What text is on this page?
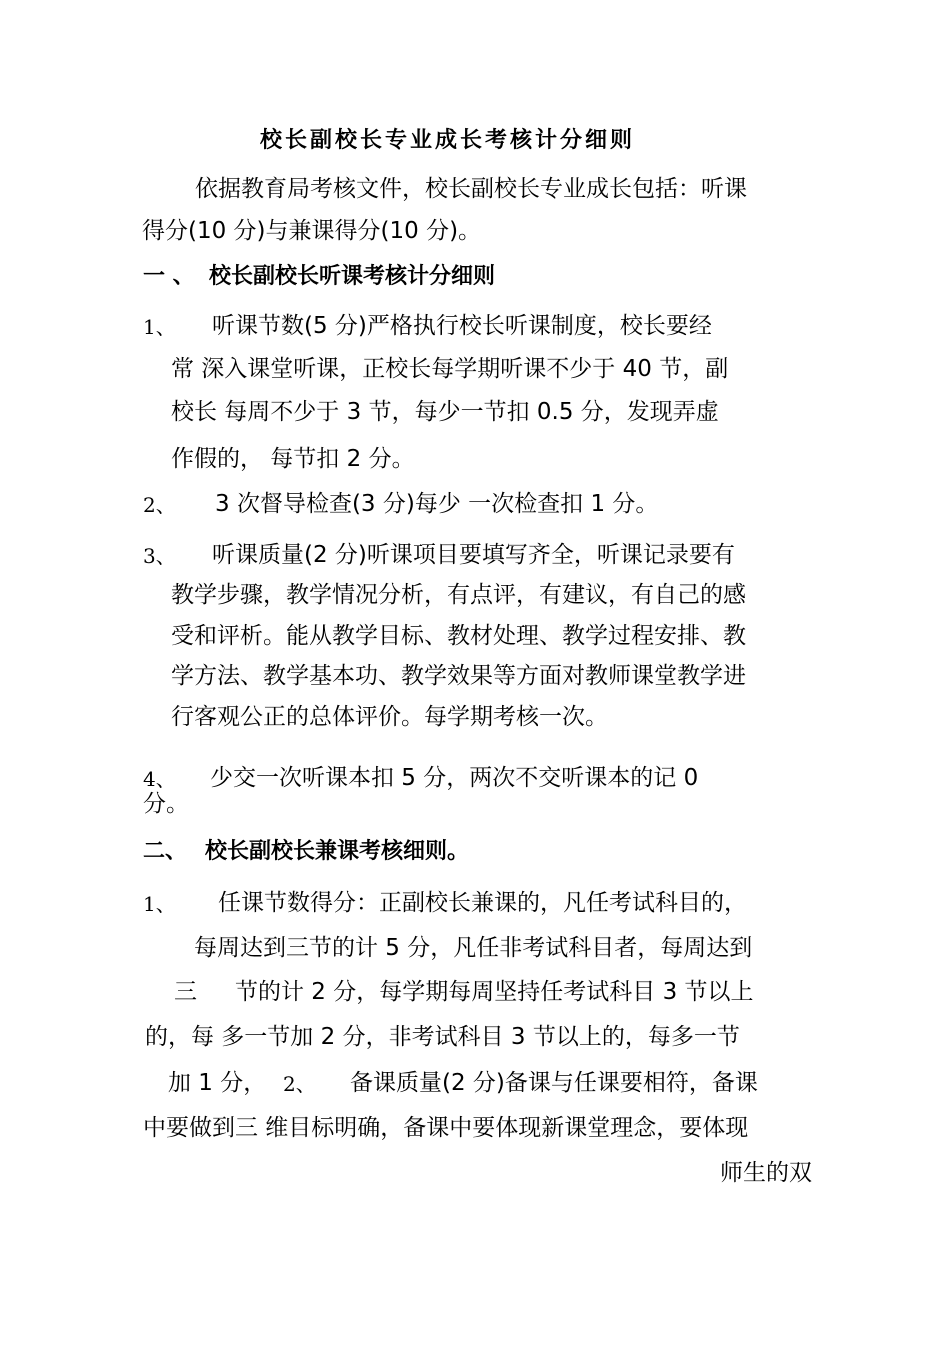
校长副校长专业成长考核计分细则
依据教育局考核文件，校长副校长专业成长包括：听课
得分(10 分)与兼课得分(10 分)。
一 、 校长副校长听课考核计分细则
1、 听课节数(5 分)严格执行校长听课制度，校长要经
常 深入课堂听课，正校长每学期听课不少于 40 节，副
校长 每周不少于 3 节，每少一节扣 0.5 分，发现弄虚
作假的， 每节扣 2 分。
2、 3 次督导检查(3 分)每少 一次检查扣 1 分。
3、 听课质量(2 分)听课项目要填写齐全，听课记录要有
教学步骤，教学情况分析，有点评，有建议，有自己的感
受和评析。能从教学目标、教材处理、教学过程安排、教
学方法、教学基本功、教学效果等方面对教师课堂教学进
行客观公正的总体评价。每学期考核一次。
4、 少交一次听课本扣 5 分，两次不交听课本的记 0
分。
二、 校长副校长兼课考核细则。
1、 任课节数得分：正副校长兼课的，凡任考试科目的，
每周达到三节的计 5 分，凡任非考试科目者，每周达到
三 节的计 2 分，每学期每周坚持任考试科目 3 节以上
的，每 多一节加 2 分，非考试科目 3 节以上的，每多一节
加 1 分， 2、 备课质量(2 分)备课与任课要相符，备课
中要做到三 维目标明确，备课中要体现新课堂理念，要体现
师生的双
